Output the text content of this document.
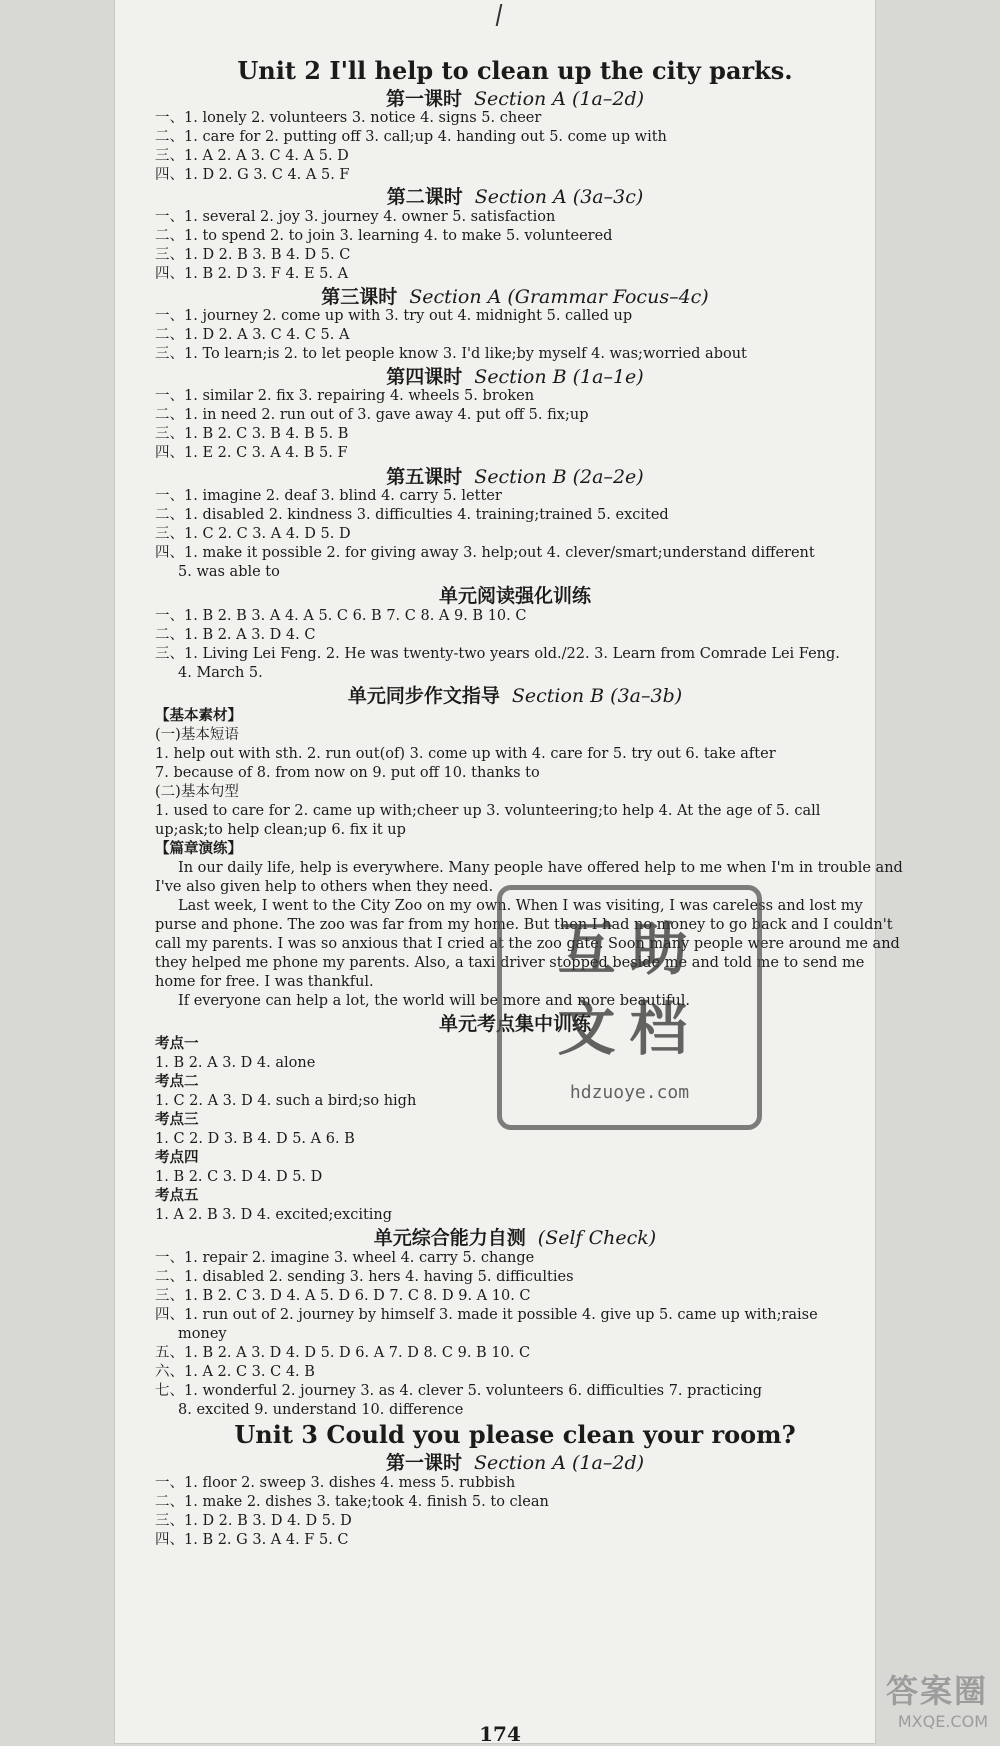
Unit 2 I'll help to clean up the city parks.
第一课时 Section A (1a–2d)
一、1. lonely 2. volunteers 3. notice 4. signs 5. cheer
二、1. care for 2. putting off 3. call;up 4. handing out 5. come up with
三、1. A 2. A 3. C 4. A 5. D
四、1. D 2. G 3. C 4. A 5. F
第二课时 Section A (3a–3c)
一、1. several 2. joy 3. journey 4. owner 5. satisfaction
二、1. to spend 2. to join 3. learning 4. to make 5. volunteered
三、1. D 2. B 3. B 4. D 5. C
四、1. B 2. D 3. F 4. E 5. A
第三课时 Section A (Grammar Focus–4c)
一、1. journey 2. come up with 3. try out 4. midnight 5. called up
二、1. D 2. A 3. C 4. C 5. A
三、1. To learn;is 2. to let people know 3. I'd like;by myself 4. was;worried about
第四课时 Section B (1a–1e)
一、1. similar 2. fix 3. repairing 4. wheels 5. broken
二、1. in need 2. run out of 3. gave away 4. put off 5. fix;up
三、1. B 2. C 3. B 4. B 5. B
四、1. E 2. C 3. A 4. B 5. F
第五课时 Section B (2a–2e)
一、1. imagine 2. deaf 3. blind 4. carry 5. letter
二、1. disabled 2. kindness 3. difficulties 4. training;trained 5. excited
三、1. C 2. C 3. A 4. D 5. D
四、1. make it possible 2. for giving away 3. help;out 4. clever/smart;understand different
5. was able to
单元阅读强化训练
一、1. B 2. B 3. A 4. A 5. C 6. B 7. C 8. A 9. B 10. C
二、1. B 2. A 3. D 4. C
三、1. Living Lei Feng. 2. He was twenty-two years old./22. 3. Learn from Comrade Lei Feng.
4. March 5.
单元同步作文指导 Section B (3a–3b)
【基本素材】
(一)基本短语
1. help out with sth. 2. run out(of) 3. come up with 4. care for 5. try out 6. take after
7. because of 8. from now on 9. put off 10. thanks to
(二)基本句型
1. used to care for 2. came up with;cheer up 3. volunteering;to help 4. At the age of 5. call
up;ask;to help clean;up 6. fix it up
【篇章演练】
In our daily life, help is everywhere. Many people have offered help to me when I'm in trouble and
I've also given help to others when they need.
Last week, I went to the City Zoo on my own. When I was visiting, I was careless and lost my
purse and phone. The zoo was far from my home. But then I had no money to go back and I couldn't
call my parents. I was so anxious that I cried at the zoo gate. Soon many people were around me and
they helped me phone my parents. Also, a taxi driver stopped beside me and told me to send me
home for free. I was thankful.
If everyone can help a lot, the world will be more and more beautiful.
单元考点集中训练
考点一
1. B 2. A 3. D 4. alone
考点二
1. C 2. A 3. D 4. such a bird;so high
考点三
1. C 2. D 3. B 4. D 5. A 6. B
考点四
1. B 2. C 3. D 4. D 5. D
考点五
1. A 2. B 3. D 4. excited;exciting
单元综合能力自测 (Self Check)
一、1. repair 2. imagine 3. wheel 4. carry 5. change
二、1. disabled 2. sending 3. hers 4. having 5. difficulties
三、1. B 2. C 3. D 4. A 5. D 6. D 7. C 8. D 9. A 10. C
四、1. run out of 2. journey by himself 3. made it possible 4. give up 5. came up with;raise
money
五、1. B 2. A 3. D 4. D 5. D 6. A 7. D 8. C 9. B 10. C
六、1. A 2. C 3. C 4. B
七、1. wonderful 2. journey 3. as 4. clever 5. volunteers 6. difficulties 7. practicing
8. excited 9. understand 10. difference
Unit 3 Could you please clean your room?
第一课时 Section A (1a–2d)
一、1. floor 2. sweep 3. dishes 4. mess 5. rubbish
二、1. make 2. dishes 3. take;took 4. finish 5. to clean
三、1. D 2. B 3. D 4. D 5. D
四、1. B 2. G 3. A 4. F 5. C
174
互助
文档
hdzuoye.com
答案圈
MXQE.COM
